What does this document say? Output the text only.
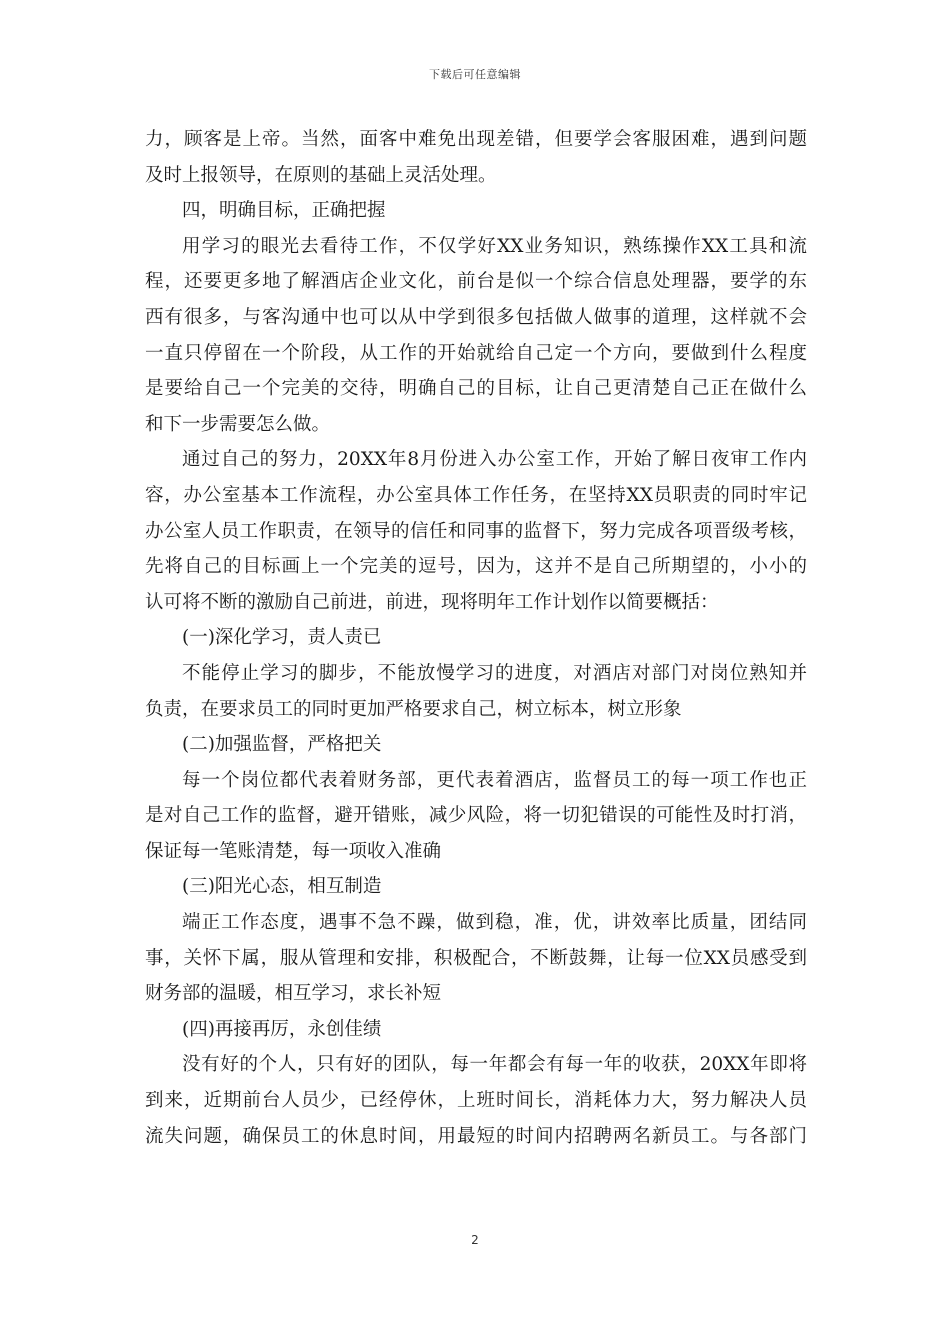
下载后可任意编辑
力，顾客是上帝。当然，面客中难免出现差错，但要学会客服困难，遇到问题
及时上报领导，在原则的基础上灵活处理。
四，明确目标，正确把握
用学习的眼光去看待工作，不仅学好XX业务知识，熟练操作XX工具和流
程，还要更多地了解酒店企业文化，前台是似一个综合信息处理器，要学的东
西有很多，与客沟通中也可以从中学到很多包括做人做事的道理，这样就不会
一直只停留在一个阶段，从工作的开始就给自己定一个方向，要做到什么程度
是要给自己一个完美的交待，明确自己的目标，让自己更清楚自己正在做什么
和下一步需要怎么做。
通过自己的努力，20XX年8月份进入办公室工作，开始了解日夜审工作内
容，办公室基本工作流程，办公室具体工作任务，在坚持XX员职责的同时牢记
办公室人员工作职责，在领导的信任和同事的监督下，努力完成各项晋级考核，
先将自己的目标画上一个完美的逗号，因为，这并不是自己所期望的，小小的
认可将不断的激励自己前进，前进，现将明年工作计划作以简要概括：
(一)深化学习，责人责已
不能停止学习的脚步，不能放慢学习的进度，对酒店对部门对岗位熟知并
负责，在要求员工的同时更加严格要求自己，树立标本，树立形象
(二)加强监督，严格把关
每一个岗位都代表着财务部，更代表着酒店，监督员工的每一项工作也正
是对自己工作的监督，避开错账，减少风险，将一切犯错误的可能性及时打消，
保证每一笔账清楚，每一项收入准确
(三)阳光心态，相互制造
端正工作态度，遇事不急不躁，做到稳，准，优，讲效率比质量，团结同
事，关怀下属，服从管理和安排，积极配合，不断鼓舞，让每一位XX员感受到
财务部的温暖，相互学习，求长补短
(四)再接再厉，永创佳绩
没有好的个人，只有好的团队，每一年都会有每一年的收获，20XX年即将
到来，近期前台人员少，已经停休，上班时间长，消耗体力大，努力解决人员
流失问题，确保员工的休息时间，用最短的时间内招聘两名新员工。与各部门
2
